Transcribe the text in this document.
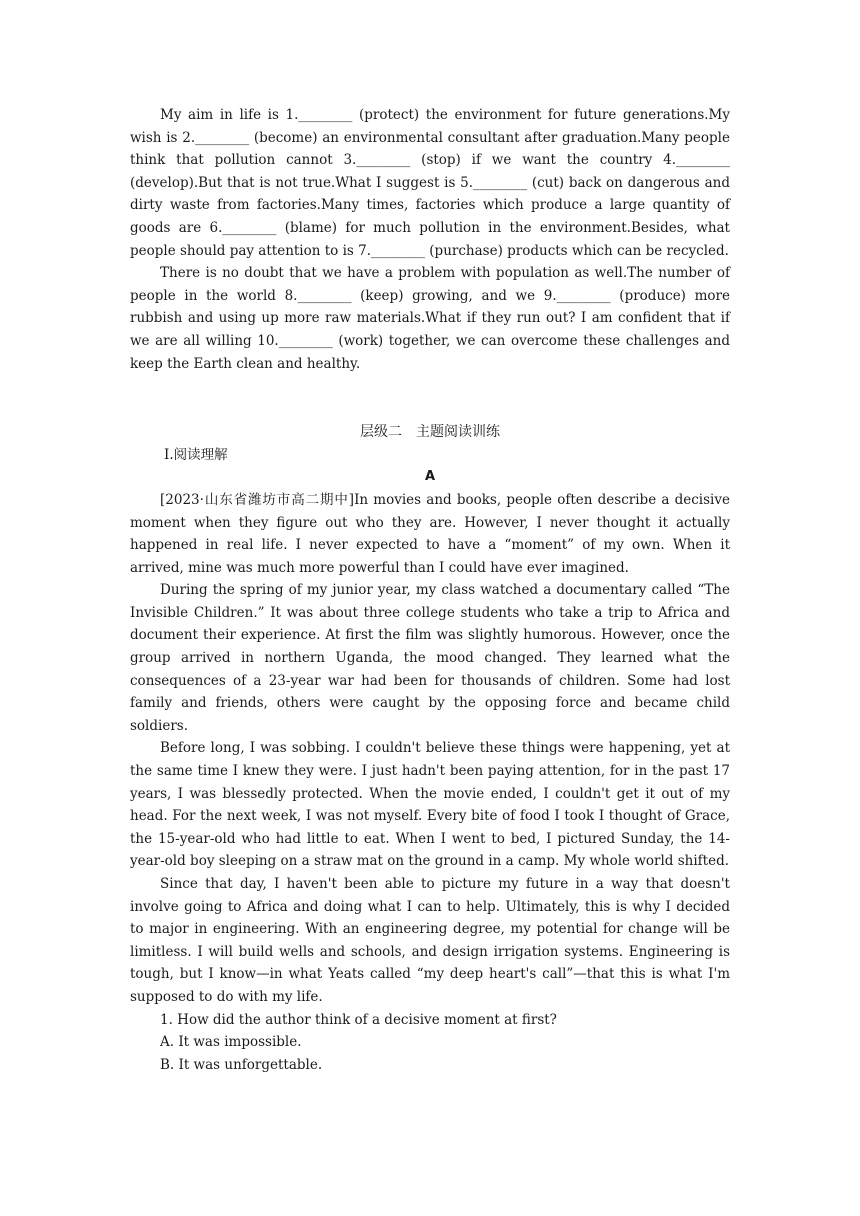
My aim in life is 1.________ (protect) the environment for future generations.My wish is 2.________ (become) an environmental consultant after graduation.Many people think that pollution cannot 3.________ (stop) if we want the country 4.________ (develop).But that is not true.What I suggest is 5.________ (cut) back on dangerous and dirty waste from factories.Many times, factories which produce a large quantity of goods are 6.________ (blame) for much pollution in the environment.Besides, what people should pay attention to is 7.________ (purchase) products which can be recycled.

There is no doubt that we have a problem with population as well.The number of people in the world 8.________ (keep) growing, and we 9.________ (produce) more rubbish and using up more raw materials.What if they run out? I am confident that if we are all willing 10.________ (work) together, we can overcome these challenges and keep the Earth clean and healthy.

层级二　主题阅读训练

Ⅰ.阅读理解

A

[2023·山东省潍坊市高二期中]In movies and books, people often describe a decisive moment when they figure out who they are. However, I never thought it actually happened in real life. I never expected to have a “moment” of my own. When it arrived, mine was much more powerful than I could have ever imagined.

During the spring of my junior year, my class watched a documentary called “The Invisible Children.” It was about three college students who take a trip to Africa and document their experience. At first the film was slightly humorous. However, once the group arrived in northern Uganda, the mood changed. They learned what the consequences of a 23-year war had been for thousands of children. Some had lost family and friends, others were caught by the opposing force and became child soldiers.

Before long, I was sobbing. I couldn't believe these things were happening, yet at the same time I knew they were. I just hadn't been paying attention, for in the past 17 years, I was blessedly protected. When the movie ended, I couldn't get it out of my head. For the next week, I was not myself. Every bite of food I took I thought of Grace, the 15-year-old who had little to eat. When I went to bed, I pictured Sunday, the 14-year-old boy sleeping on a straw mat on the ground in a camp. My whole world shifted.

Since that day, I haven't been able to picture my future in a way that doesn't involve going to Africa and doing what I can to help. Ultimately, this is why I decided to major in engineering. With an engineering degree, my potential for change will be limitless. I will build wells and schools, and design irrigation systems. Engineering is tough, but I know—in what Yeats called “my deep heart's call”—that this is what I'm supposed to do with my life.

1. How did the author think of a decisive moment at first?

A. It was impossible.

B. It was unforgettable.
